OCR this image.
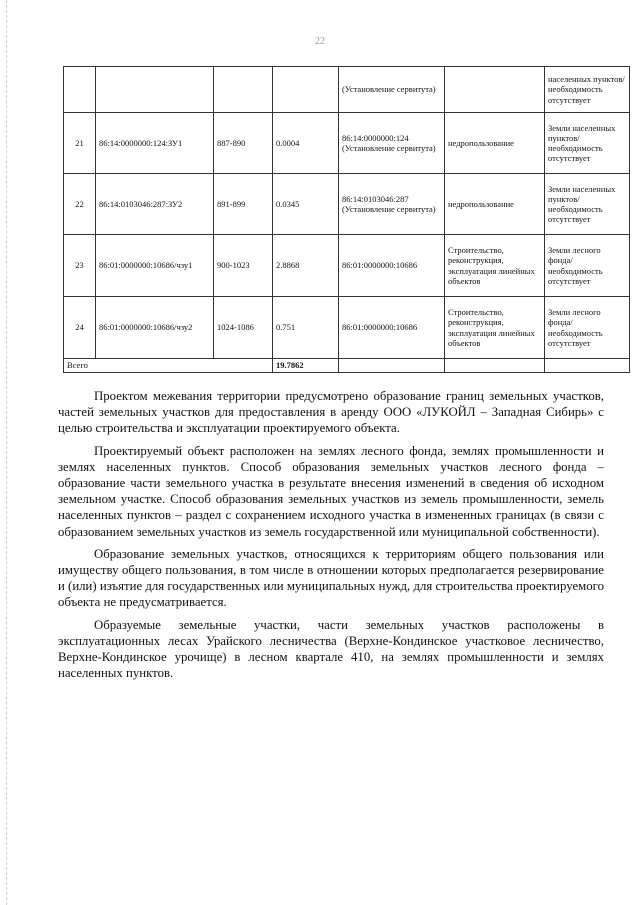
22
				(Установление сервитута)		населенных пунктов/ необходимость отсутствует
21	86:14:0000000:124:ЗУ1	887-890	0.0004	86:14:0000000:124 (Установление сервитута)	недропользование	Земли населенных пунктов/ необходимость отсутствует
22	86:14:0103046:287:ЗУ2	891-899	0.0345	86:14:0103046:287 (Установление сервитута)	недропользование	Земли населенных пунктов/ необходимость отсутствует
23	86:01:0000000:10686/чзу1	900-1023	2.8868	86:01:0000000:10686	Строительство, реконструкция, эксплуатация линейных объектов	Земли лесного фонда/ необходимость отсутствует
24	86:01:0000000:10686/чзу2	1024-1086	0.751	86:01:0000000:10686	Строительство, реконструкция, эксплуатация линейных объектов	Земли лесного фонда/ необходимость отсутствует
Всего			19.7862			

Проектом межевания территории предусмотрено образование границ земельных участков, частей земельных участков для предоставления в аренду ООО «ЛУКОЙЛ – Западная Сибирь» с целью строительства и эксплуатации проектируемого объекта.

Проектируемый объект расположен на землях лесного фонда, землях промышленности и землях населенных пунктов. Способ образования земельных участков лесного фонда – образование части земельного участка в результате внесения изменений в сведения об исходном земельном участке. Способ образования земельных участков из земель промышленности, земель населенных пунктов – раздел с сохранением исходного участка в измененных границах (в связи с образованием земельных участков из земель государственной или муниципальной собственности).

Образование земельных участков, относящихся к территориям общего пользования или имуществу общего пользования, в том числе в отношении которых предполагается резервирование и (или) изъятие для государственных или муниципальных нужд, для строительства проектируемого объекта не предусматривается.

Образуемые земельные участки, части земельных участков расположены в эксплуатационных лесах Урайского лесничества (Верхне-Кондинское участковое лесничество, Верхне-Кондинское урочище) в лесном квартале 410, на землях промышленности и землях населенных пунктов.
